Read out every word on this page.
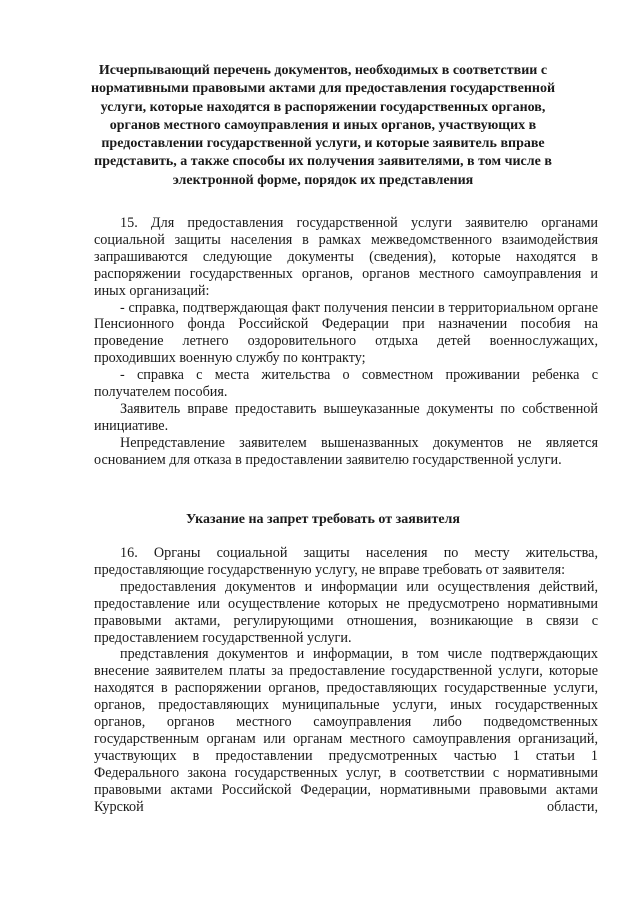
Исчерпывающий перечень документов, необходимых в соответствии с нормативными правовыми актами для предоставления государственной услуги, которые находятся в распоряжении государственных органов, органов местного самоуправления и иных органов, участвующих в предоставлении государственной услуги, и которые заявитель вправе представить, а также способы их получения заявителями, в том числе в электронной форме, порядок их представления

15. Для предоставления государственной услуги заявителю органами социальной защиты населения в рамках межведомственного взаимодействия запрашиваются следующие документы (сведения), которые находятся в распоряжении государственных органов, органов местного самоуправления и иных организаций:

- справка, подтверждающая факт получения пенсии в территориальном органе Пенсионного фонда Российской Федерации при назначении пособия на проведение летнего оздоровительного отдыха детей военнослужащих, проходивших военную службу по контракту;

- справка с места жительства о совместном проживании ребенка с получателем пособия.

Заявитель вправе предоставить вышеуказанные документы по собственной инициативе.

Непредставление заявителем вышеназванных документов не является основанием для отказа в предоставлении заявителю государственной услуги.

Указание на запрет требовать от заявителя

16. Органы социальной защиты населения по месту жительства, предоставляющие государственную услугу, не вправе требовать от заявителя:

предоставления документов и информации или осуществления действий, предоставление или осуществление которых не предусмотрено нормативными правовыми актами, регулирующими отношения, возникающие в связи с предоставлением государственной услуги.

представления документов и информации, в том числе подтверждающих внесение заявителем платы за предоставление государственной услуги, которые находятся в распоряжении органов, предоставляющих государственные услуги, органов, предоставляющих муниципальные услуги, иных государственных органов, органов местного самоуправления либо подведомственных государственным органам или органам местного самоуправления организаций, участвующих в предоставлении предусмотренных частью 1 статьи 1 Федерального закона государственных услуг, в соответствии с нормативными правовыми актами Российской Федерации, нормативными правовыми актами Курской области,
